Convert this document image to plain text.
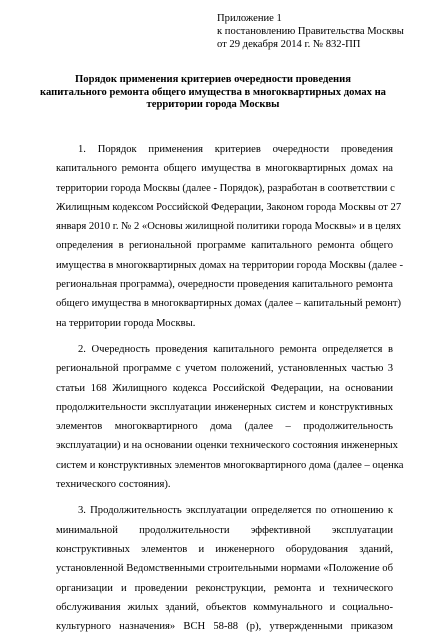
Приложение 1
к постановлению Правительства Москвы
от 29 декабря 2014 г. № 832-ПП
Порядок применения критериев очередности проведения
капитального ремонта общего имущества в многоквартирных домах на
территории города Москвы
1. Порядок применения критериев очередности проведения
капитального ремонта общего имущества в многоквартирных домах на
территории города Москвы (далее - Порядок), разработан в соответствии с
Жилищным кодексом Российской Федерации, Законом города Москвы от 27
января 2010 г. № 2 «Основы жилищной политики города Москвы» и в целях
определения в региональной программе капитального ремонта общего
имущества в многоквартирных домах на территории города Москвы (далее -
региональная программа), очередности проведения капитального ремонта
общего имущества в многоквартирных домах (далее – капитальный ремонт)
на территории города Москвы.
2. Очередность проведения капитального ремонта определяется в
региональной программе с учетом положений, установленных частью 3
статьи 168 Жилищного кодекса Российской Федерации, на основании
продолжительности эксплуатации инженерных систем и конструктивных
элементов многоквартирного дома (далее – продолжительность
эксплуатации) и на основании оценки технического состояния инженерных
систем и конструктивных элементов многоквартирного дома (далее – оценка
технического состояния).
3. Продолжительность эксплуатации определяется по отношению к
минимальной продолжительности эффективной эксплуатации
конструктивных элементов и инженерного оборудования зданий,
установленной Ведомственными строительными нормами «Положение об
организации и проведении реконструкции, ремонта и технического
обслуживания жилых зданий, объектов коммунального и социально-
культурного назначения» ВСН 58-88 (р), утвержденными приказом
